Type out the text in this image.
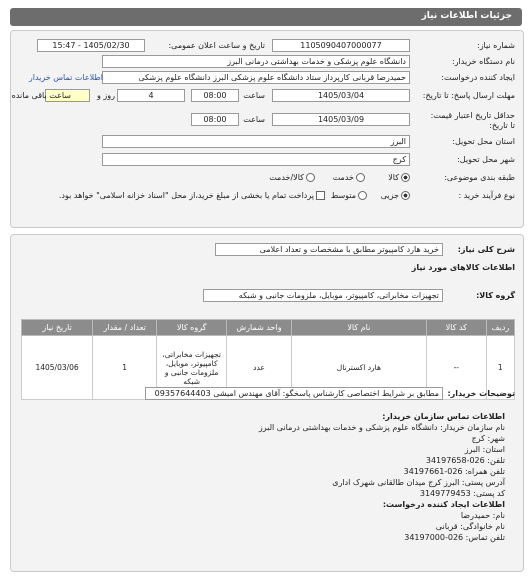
جزئیات اطلاعات نیاز
شماره نیاز:
1105090407000077
تاریخ و ساعت اعلان عمومی:
1405/02/30 - 15:47
نام دستگاه خریدار:
دانشگاه علوم پزشکی و خدمات بهداشتی درمانی البرز
ایجاد کننده درخواست:
حمیدرضا قربانی کارپرداز ستاد دانشگاه علوم پزشکی البرز دانشگاه علوم پزشکی
اطلاعات تماس خریدار
مهلت ارسال پاسخ: تا تاریخ:
1405/03/04
ساعت
08:00
4
روز و
ساعت باقی مانده
حداقل تاریخ اعتبار قیمت: تا تاریخ:
1405/03/09
ساعت
08:00
استان محل تحویل:
البرز
شهر محل تحویل:
کرج
طبقه بندی موضوعی:
کالا
خدمت
کالا/خدمت
نوع فرآیند خرید :
جزیی
متوسط
پرداخت تمام یا بخشی از مبلغ خرید،از محل "اسناد خزانه اسلامی" خواهد بود.
شرح کلی نیاز:
خرید هارد کامپیوتر مطابق با مشخصات و تعداد اعلامی
اطلاعات کالاهای مورد نیاز
گروه کالا:
تجهیزات مخابراتی، کامپیوتر، موبایل، ملزومات جانبی و شبکه
ردیف	کد کالا	نام کالا	واحد شمارش	گروه کالا	تعداد / مقدار	تاریخ نیاز
1	--	هارد اکسترنال	عدد	تجهیزات مخابراتی، کامپیوتر، موبایل، ملزومات جانبی و شبکه	1	1405/03/06
توضیحات خریدار:
مطابق بر شرایط اختصاصی کارشناس پاسخگو: آقای مهندس امیشی 09357644403
اطلاعات تماس سازمان خریدار:
نام سازمان خریدار: دانشگاه علوم پزشکی و خدمات بهداشتی درمانی البرز
شهر: کرج
استان: البرز
تلفن: 026-34197658
تلفن همراه: 026-34197661
آدرس پستی: البرز کرج میدان طالقانی شهرک اداری
کد پستی: 3149779453
اطلاعات ایجاد کننده درخواست:
نام: حمیدرضا
نام خانوادگی: قربانی
تلفن تماس: 026-34197000
